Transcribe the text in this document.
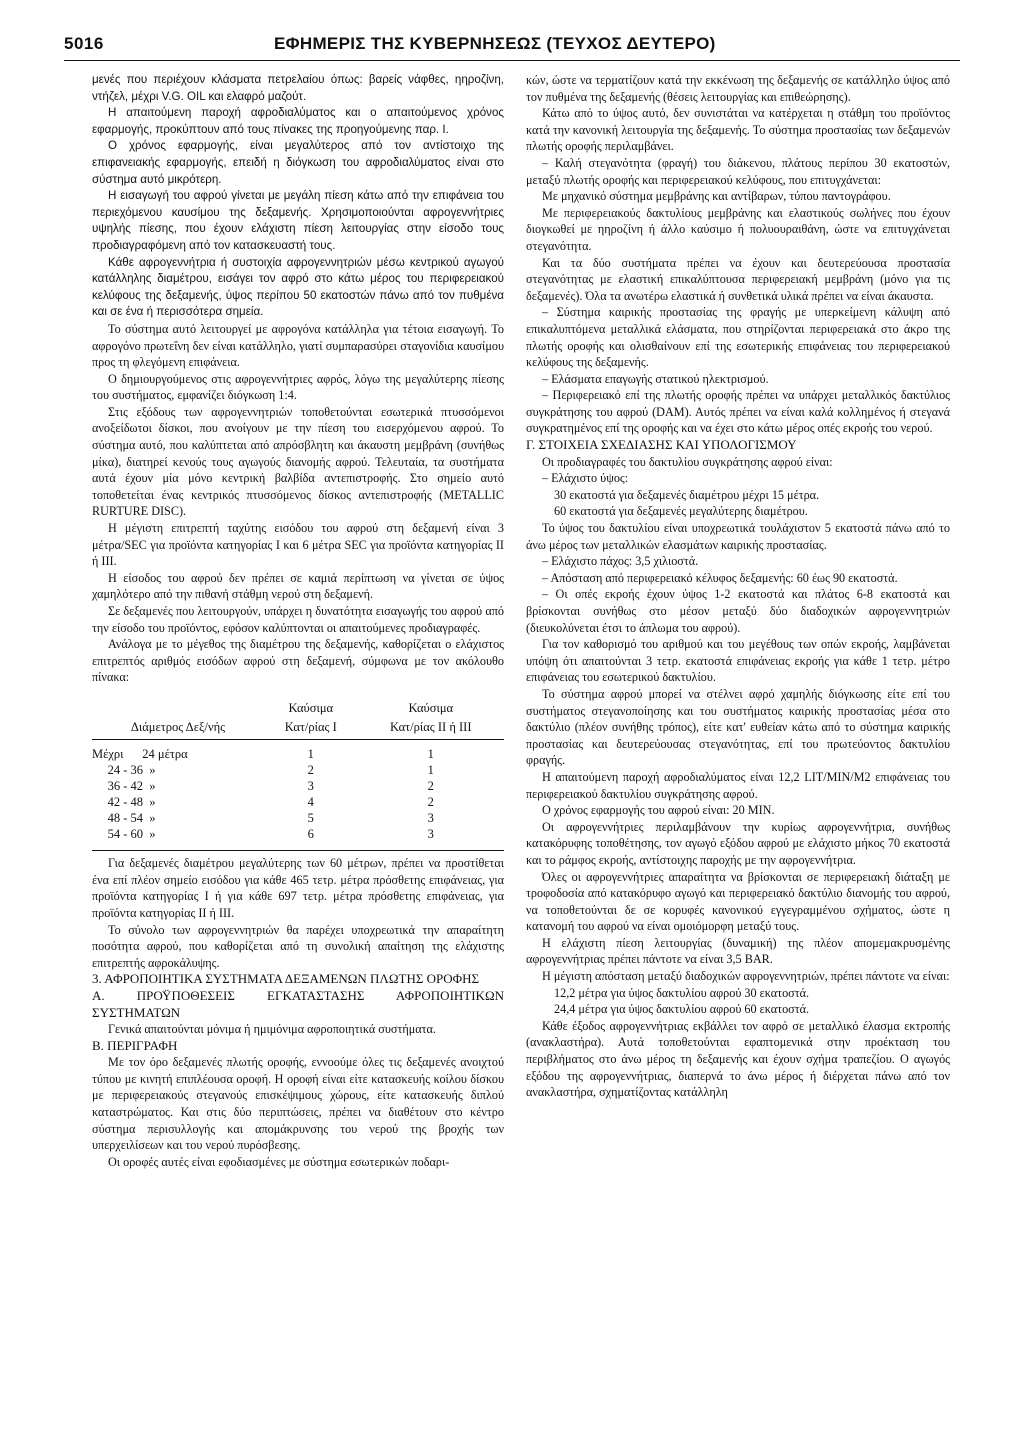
5016	ΕΦΗΜΕΡΙΣ ΤΗΣ ΚΥΒΕΡΝΗΣΕΩΣ (ΤΕΥΧΟΣ ΔΕΥΤΕΡΟ)

μενές που περιέχουν κλάσματα πετρελαίου όπως: βαρείς νάφθες, ηηροζίνη, ντήζελ, μέχρι V.G. OIL και ελαφρό μαζούτ.

Η απαιτούμενη παροχή αφροδιαλύματος και ο απαιτούμενος χρόνος εφαρμογής, προκύπτουν από τους πίνακες της προηγούμενης παρ. Ι.

Ο χρόνος εφαρμογής, είναι μεγαλύτερος από τον αντίστοιχο της επιφανειακής εφαρμογής, επειδή η διόγκωση του αφροδιαλύματος είναι στο σύστημα αυτό μικρότερη.

Η εισαγωγή του αφρού γίνεται με μεγάλη πίεση κάτω από την επιφάνεια του περιεχόμενου καυσίμου της δεξαμενής. Χρησιμοποιούνται αφρογεννήτριες υψηλής πίεσης, που έχουν ελάχιστη πίεση λειτουργίας στην είσοδο τους προδιαγραφόμενη από τον κατασκευαστή τους.

Κάθε αφρογεννήτρια ή συστοιχία αφρογεννητριών μέσω κεντρικού αγωγού κατάλληλης διαμέτρου, εισάγει τον αφρό στο κάτω μέρος του περιφερειακού κελύφους της δεξαμενής, ύψος περίπου 50 εκατοστών πάνω από τον πυθμένα και σε ένα ή περισσότερα σημεία.

Το σύστημα αυτό λειτουργεί με αφρογόνα κατάλληλα για τέτοια εισαγωγή. Το αφρογόνο πρωτεΐνη δεν είναι κατάλληλο, γιατί συμπαρασύρει σταγονίδια καυσίμου προς τη φλεγόμενη επιφάνεια.

Ο δημιουργούμενος στις αφρογεννήτριες αφρός, λόγω της μεγαλύτερης πίεσης του συστήματος, εμφανίζει διόγκωση 1:4.

Στις εξόδους των αφρογεννητριών τοποθετούνται εσωτερικά πτυσσόμενοι ανοξείδωτοι δίσκοι, που ανοίγουν με την πίεση του εισερχόμενου αφρού. Το σύστημα αυτό, που καλύπτεται από απρόσβλητη και άκαυστη μεμβράνη (συνήθως μίκα), διατηρεί κενούς τους αγωγούς διανομής αφρού. Τελευταία, τα συστήματα αυτά έχουν μία μόνο κεντρική βαλβίδα αντεπιστροφής. Στο σημείο αυτό τοποθετείται ένας κεντρικός πτυσσόμενος δίσκος αντεπιστροφής (METALLIC RURTURE DISC).

Η μέγιστη επιτρεπτή ταχύτης εισόδου του αφρού στη δεξαμενή είναι 3 μέτρα/SEC για προϊόντα κατηγορίας Ι και 6 μέτρα SEC για προϊόντα κατηγορίας ΙΙ ή ΙΙΙ.

Η είσοδος του αφρού δεν πρέπει σε καμιά περίπτωση να γίνεται σε ύψος χαμηλότερο από την πιθανή στάθμη νερού στη δεξαμενή.

Σε δεξαμενές που λειτουργούν, υπάρχει η δυνατότητα εισαγωγής του αφρού από την είσοδο του προϊόντος, εφόσον καλύπτονται οι απαιτούμενες προδιαγραφές.

Ανάλογα με το μέγεθος της διαμέτρου της δεξαμενής, καθορίζεται ο ελάχιστος επιτρεπτός αριθμός εισόδων αφρού στη δεξαμενή, σύμφωνα με τον ακόλουθο πίνακα:

	Καύσιμα	Καύσιμα
Διάμετρος Δεξ/νής	Κατ/ρίας Ι	Κατ/ρίας ΙΙ ή ΙΙΙ
Μέχρι      24 μέτρα	1	1
24 - 36  »	2	1
36 - 42  »	3	2
42 - 48  »	4	2
48 - 54  »	5	3
54 - 60  »	6	3

Για δεξαμενές διαμέτρου μεγαλύτερης των 60 μέτρων, πρέπει να προστίθεται ένα επί πλέον σημείο εισόδου για κάθε 465 τετρ. μέτρα πρόσθετης επιφάνειας, για προϊόντα κατηγορίας Ι ή για κάθε 697 τετρ. μέτρα πρόσθετης επιφάνειας, για προϊόντα κατηγορίας ΙΙ ή ΙΙΙ.

Το σύνολο των αφρογεννητριών θα παρέχει υποχρεωτικά την απαραίτητη ποσότητα αφρού, που καθορίζεται από τη συνολική απαίτηση της ελάχιστης επιτρεπτής αφροκάλυψης.

3. ΑΦΡΟΠΟΙΗΤΙΚΑ ΣΥΣΤΗΜΑΤΑ ΔΕΞΑΜΕΝΩΝ ΠΛΩΤΗΣ ΟΡΟΦΗΣ

Α. ΠΡΟΫΠΟΘΕΣΕΙΣ ΕΓΚΑΤΑΣΤΑΣΗΣ ΑΦΡΟΠΟΙΗΤΙΚΩΝ ΣΥΣΤΗΜΑΤΩΝ

Γενικά απαιτούνται μόνιμα ή ημιμόνιμα αφροποιητικά συστήματα.

Β. ΠΕΡΙΓΡΑΦΗ

Με τον όρο δεξαμενές πλωτής οροφής, εννοούμε όλες τις δεξαμενές ανοιχτού τύπου με κινητή επιπλέουσα οροφή. Η οροφή είναι είτε κατασκευής κοίλου δίσκου με περιφερειακούς στεγανούς επισκέψιμους χώρους, είτε κατασκευής διπλού καταστρώματος. Και στις δύο περιπτώσεις, πρέπει να διαθέτουν στο κέντρο σύστημα περισυλλογής και απομάκρυνσης του νερού της βροχής των υπερχειλίσεων και του νερού πυρόσβεσης.

Οι οροφές αυτές είναι εφοδιασμένες με σύστημα εσωτερικών ποδαρι-

κών, ώστε να τερματίζουν κατά την εκκένωση της δεξαμενής σε κατάλληλο ύψος από τον πυθμένα της δεξαμενής (θέσεις λειτουργίας και επιθεώρησης).

Κάτω από το ύψος αυτό, δεν συνιστάται να κατέρχεται η στάθμη του προϊόντος κατά την κανονική λειτουργία της δεξαμενής. Το σύστημα προστασίας των δεξαμενών πλωτής οροφής περιλαμβάνει.

– Καλή στεγανότητα (φραγή) του διάκενου, πλάτους περίπου 30 εκατοστών, μεταξύ πλωτής οροφής και περιφερειακού κελύφους, που επιτυγχάνεται:

Με μηχανικό σύστημα μεμβράνης και αντίβαρων, τύπου παντογράφου.

Με περιφερειακούς δακτυλίους μεμβράνης και ελαστικούς σωλήνες που έχουν διογκωθεί με ηηροζίνη ή άλλο καύσιμο ή πολυουραιθάνη, ώστε να επιτυγχάνεται στεγανότητα.

Και τα δύο συστήματα πρέπει να έχουν και δευτερεύουσα προστασία στεγανότητας με ελαστική επικαλύπτουσα περιφερειακή μεμβράνη (μόνο για τις δεξαμενές). Όλα τα ανωτέρω ελαστικά ή συνθετικά υλικά πρέπει να είναι άκαυστα.

– Σύστημα καιρικής προστασίας της φραγής με υπερκείμενη κάλυψη από επικαλυπτόμενα μεταλλικά ελάσματα, που στηρίζονται περιφερειακά στο άκρο της πλωτής οροφής και ολισθαίνουν επί της εσωτερικής επιφάνειας του περιφερειακού κελύφους της δεξαμενής.

– Ελάσματα επαγωγής στατικού ηλεκτρισμού.

– Περιφερειακό επί της πλωτής οροφής πρέπει να υπάρχει μεταλλικός δακτύλιος συγκράτησης του αφρού (DAM). Αυτός πρέπει να είναι καλά κολλημένος ή στεγανά συγκρατημένος επί της οροφής και να έχει στο κάτω μέρος οπές εκροής του νερού.

Γ. ΣΤΟΙΧΕΙΑ ΣΧΕΔΙΑΣΗΣ ΚΑΙ ΥΠΟΛΟΓΙΣΜΟΥ

Οι προδιαγραφές του δακτυλίου συγκράτησης αφρού είναι:

– Ελάχιστο ύψος:

30 εκατοστά για δεξαμενές διαμέτρου μέχρι 15 μέτρα.

60 εκατοστά για δεξαμενές μεγαλύτερης διαμέτρου.

Το ύψος του δακτυλίου είναι υποχρεωτικά τουλάχιστον 5 εκατοστά πάνω από το άνω μέρος των μεταλλικών ελασμάτων καιρικής προστασίας.

– Ελάχιστο πάχος: 3,5 χιλιοστά.

– Απόσταση από περιφερειακό κέλυφος δεξαμενής: 60 έως 90 εκατοστά.

– Οι οπές εκροής έχουν ύψος 1-2 εκατοστά και πλάτος 6-8 εκατοστά και βρίσκονται συνήθως στο μέσον μεταξύ δύο διαδοχικών αφρογεννητριών (διευκολύνεται έτσι το άπλωμα του αφρού).

Για τον καθορισμό του αριθμού και του μεγέθους των οπών εκροής, λαμβάνεται υπόψη ότι απαιτούνται 3 τετρ. εκατοστά επιφάνειας εκροής για κάθε 1 τετρ. μέτρο επιφάνειας του εσωτερικού δακτυλίου.

Το σύστημα αφρού μπορεί να στέλνει αφρό χαμηλής διόγκωσης είτε επί του συστήματος στεγανοποίησης και του συστήματος καιρικής προστασίας μέσα στο δακτύλιο (πλέον συνήθης τρόπος), είτε κατ' ευθείαν κάτω από το σύστημα καιρικής προστασίας και δευτερεύουσας στεγανότητας, επί του πρωτεύοντος δακτυλίου φραγής.

Η απαιτούμενη παροχή αφροδιαλύματος είναι 12,2 LIT/MIN/M2 επιφάνειας του περιφερειακού δακτυλίου συγκράτησης αφρού.

Ο χρόνος εφαρμογής του αφρού είναι: 20 MIN.

Οι αφρογεννήτριες περιλαμβάνουν την κυρίως αφρογεννήτρια, συνήθως κατακόρυφης τοποθέτησης, τον αγωγό εξόδου αφρού με ελάχιστο μήκος 70 εκατοστά και το ράμφος εκροής, αντίστοιχης παροχής με την αφρογεννήτρια.

Όλες οι αφρογεννήτριες απαραίτητα να βρίσκονται σε περιφερειακή διάταξη με τροφοδοσία από κατακόρυφο αγωγό και περιφερειακό δακτύλιο διανομής του αφρού, να τοποθετούνται δε σε κορυφές κανονικού εγγεγραμμένου σχήματος, ώστε η κατανομή του αφρού να είναι ομοιόμορφη μεταξύ τους.

Η ελάχιστη πίεση λειτουργίας (δυναμική) της πλέον απομεμακρυσμένης αφρογεννήτριας πρέπει πάντοτε να είναι 3,5 BAR.

Η μέγιστη απόσταση μεταξύ διαδοχικών αφρογεννητριών, πρέπει πάντοτε να είναι:

12,2 μέτρα για ύψος δακτυλίου αφρού 30 εκατοστά.

24,4 μέτρα για ύψος δακτυλίου αφρού 60 εκατοστά.

Κάθε έξοδος αφρογεννήτριας εκβάλλει τον αφρό σε μεταλλικό έλασμα εκτροπής (ανακλαστήρα). Αυτά τοποθετούνται εφαπτομενικά στην προέκταση του περιβλήματος στο άνω μέρος τη δεξαμενής και έχουν σχήμα τραπεζίου. Ο αγωγός εξόδου της αφρογεννήτριας, διαπερνά το άνω μέρος ή διέρχεται πάνω από τον ανακλαστήρα, σχηματίζοντας κατάλληλη
